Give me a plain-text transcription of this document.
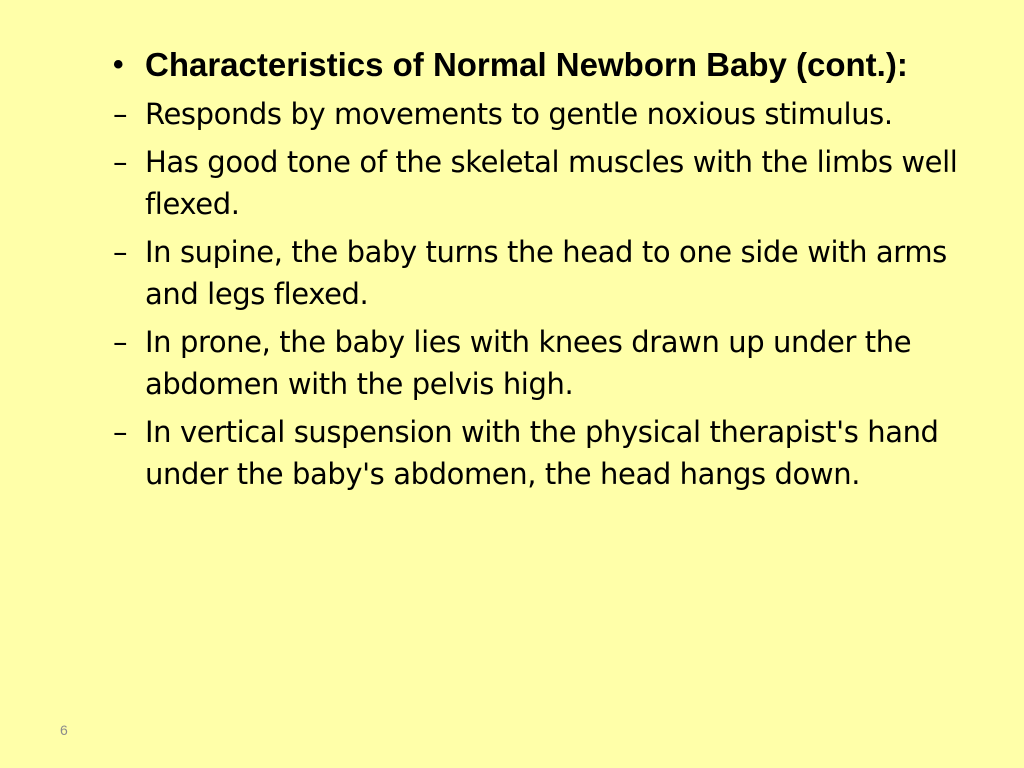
• Characteristics of Normal Newborn Baby (cont.):
– Responds by movements to gentle noxious stimulus.
– Has good tone of the skeletal muscles with the limbs well flexed.
– In supine, the baby turns the head to one side with arms and legs flexed.
– In prone, the baby lies with knees drawn up under the abdomen with the pelvis high.
– In vertical suspension with the physical therapist's hand under the baby's abdomen, the head hangs down.
6
